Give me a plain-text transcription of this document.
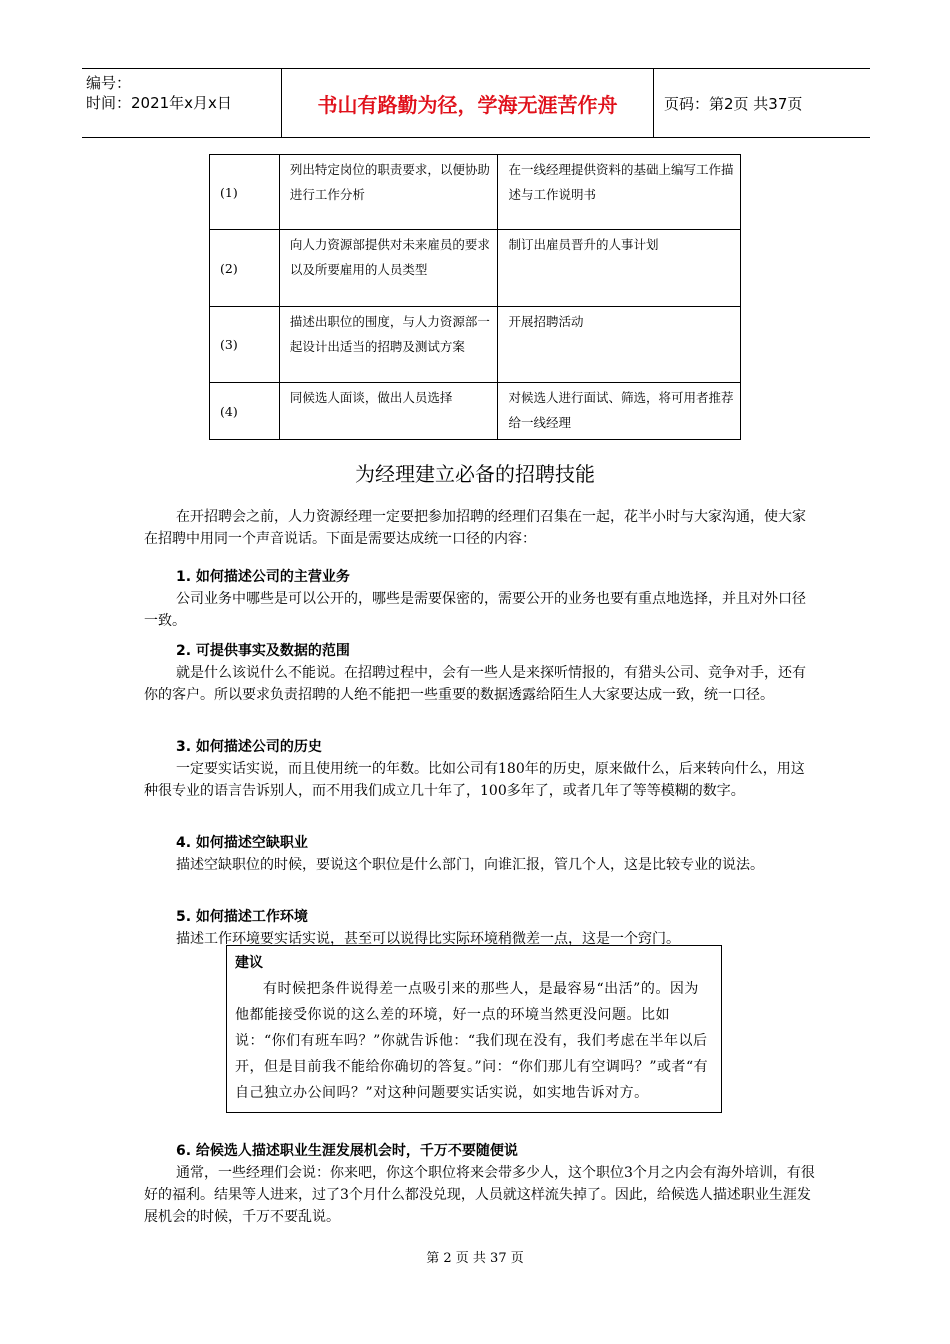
编号：
时间：2021年x月x日	书山有路勤为径，学海无涯苦作舟	页码：第2页 共37页
(1)	列出特定岗位的职责要求，以便协助进行工作分析	在一线经理提供资料的基础上编写工作描述与工作说明书
(2)	向人力资源部提供对未来雇员的要求以及所要雇用的人员类型	制订出雇员晋升的人事计划
(3)	描述出职位的围度，与人力资源部一起设计出适当的招聘及测试方案	开展招聘活动
(4)	同候选人面谈，做出人员选择	对候选人进行面试、筛选，将可用者推荐给一线经理
为经理建立必备的招聘技能

在开招聘会之前，人力资源经理一定要把参加招聘的经理们召集在一起，花半小时与大家沟通，使大家在招聘中用同一个声音说话。下面是需要达成统一口径的内容：

1. 如何描述公司的主营业务

公司业务中哪些是可以公开的，哪些是需要保密的，需要公开的业务也要有重点地选择，并且对外口径一致。

2. 可提供事实及数据的范围

就是什么该说什么不能说。在招聘过程中，会有一些人是来探听情报的，有猎头公司、竞争对手，还有你的客户。所以要求负责招聘的人绝不能把一些重要的数据透露给陌生人大家要达成一致，统一口径。

3. 如何描述公司的历史

一定要实话实说，而且使用统一的年数。比如公司有180年的历史，原来做什么，后来转向什么，用这种很专业的语言告诉别人，而不用我们成立几十年了，100多年了，或者几年了等等模糊的数字。

4. 如何描述空缺职业

描述空缺职位的时候，要说这个职位是什么部门，向谁汇报，管几个人，这是比较专业的说法。

5. 如何描述工作环境

描述工作环境要实话实说，甚至可以说得比实际环境稍微差一点，这是一个窍门。

建议
有时候把条件说得差一点吸引来的那些人，是最容易“出活”的。因为他都能接受你说的这么差的环境，好一点的环境当然更没问题。比如说：“你们有班车吗？”你就告诉他：“我们现在没有，我们考虑在半年以后开，但是目前我不能给你确切的答复。”问：“你们那儿有空调吗？”或者“有自己独立办公间吗？”对这种问题要实话实说，如实地告诉对方。

6. 给候选人描述职业生涯发展机会时，千万不要随便说

通常，一些经理们会说：你来吧，你这个职位将来会带多少人，这个职位3个月之内会有海外培训，有很好的福利。结果等人进来，过了3个月什么都没兑现，人员就这样流失掉了。因此，给候选人描述职业生涯发展机会的时候，千万不要乱说。

第 2 页 共 37 页
